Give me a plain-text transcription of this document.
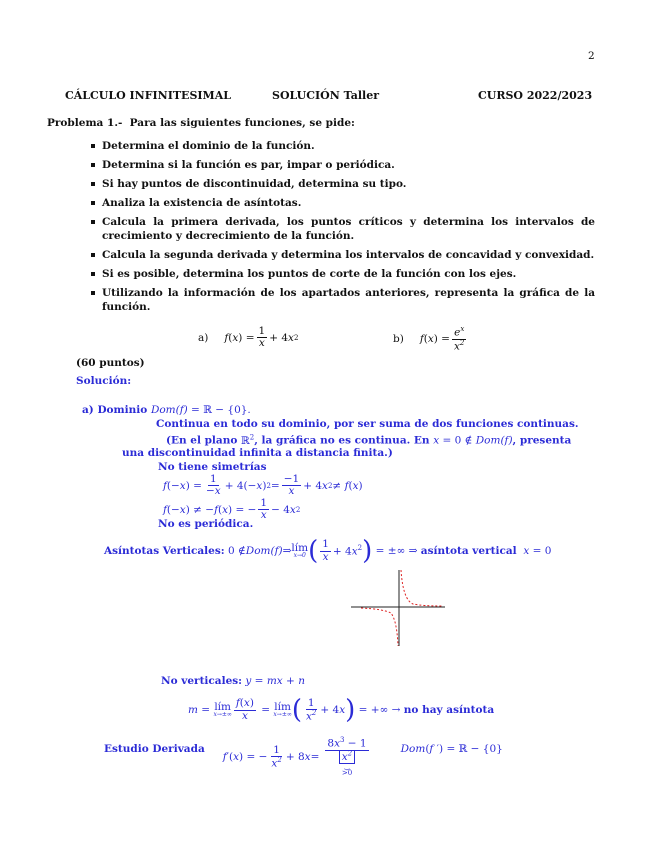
2
CÁLCULO INFINITESIMAL	SOLUCIÓN Taller	CURSO 2022/2023
Problema 1.- Para las siguientes funciones, se pide:
Determina el dominio de la función.
Determina si la función es par, impar o periódica.
Si hay puntos de discontinuidad, determina su tipo.
Analiza la existencia de asíntotas.
Calcula la primera derivada, los puntos críticos y determina los intervalos de crecimiento y decrecimiento de la función.
Calcula la segunda derivada y determina los intervalos de concavidad y convexidad.
Si es posible, determina los puntos de corte de la función con los ejes.
Utilizando la información de los apartados anteriores, representa la gráfica de la función.
a) f ( x ) = $\frac{1}{x} + 4$ x 2	b) f ( x ) = $\frac{e^x}{x^2}$
(60 puntos)
Solución:
a) Dominio Dom(f) = ℝ − {0}.
Continua en todo su dominio, por ser suma de dos funciones continuas.
(En el plano ℝ$^2$, la gráfica no es continua. En x = 0 ∉ Dom(f), presenta
una discontinuidad infinita a distancia finita.)
No tiene simetrías
f (− x ) = $\frac{1}{-x} + 4(- x$ ) $2 = \frac{-1}{x} + 4$ x 2 ≠ f ( x )
f (− x ) ≠ − f ( x ) = − $\frac{1}{x} - 4$ x 2
No es periódica.
Asíntotas Verticales: 0 ∉ Dom(f) ⇒ lím
x→0 ( $\frac{1}{x} + 4x^2$ ) = ±∞ ⇒ asíntota vertical x = 0
No verticales: y = mx + n
m = lím
$x\to\pm\infty \frac{f(x)}{x}$ = lím
x→±∞ ( $\frac{1}{x^2} + 4$ x ) = +∞ → no hay asíntota
Estudio Derivada
f ′( x ) = − $\frac{1}{x^2} + 8$ $x = \frac{8x^3 - 1}{x^2}$
⏟
>0
Dom(f ′) = ℝ − {0}
